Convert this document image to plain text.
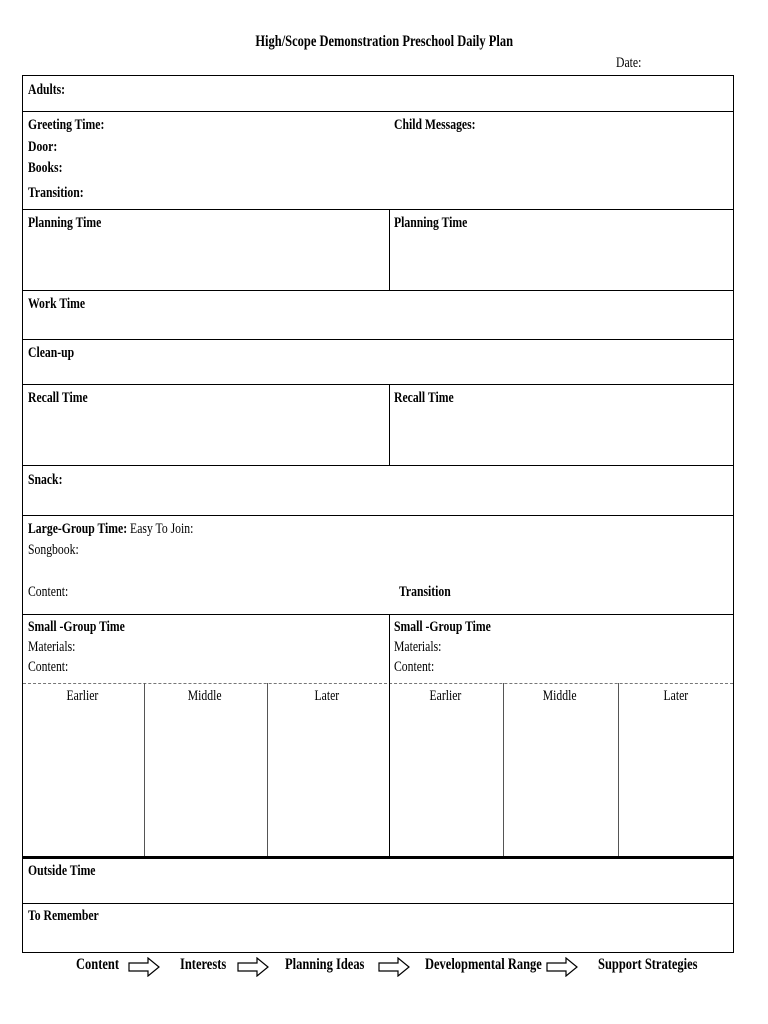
High/Scope Demonstration Preschool Daily Plan
Date:
Adults:
Greeting Time:
Door:
Books:
Transition:
Child Messages:
Planning Time	Planning Time
Work Time
Clean-up
Recall Time	Recall Time
Snack:
Large-Group Time: Easy To Join:
Songbook:
Content:	Transition
Small -Group Time
Materials:
Content:
Small -Group Time
Materials:
Content:
Earlier	Middle	Later	Earlier	Middle	Later
Outside Time
To Remember
Content	Interests	Planning Ideas	Developmental Range	Support Strategies
